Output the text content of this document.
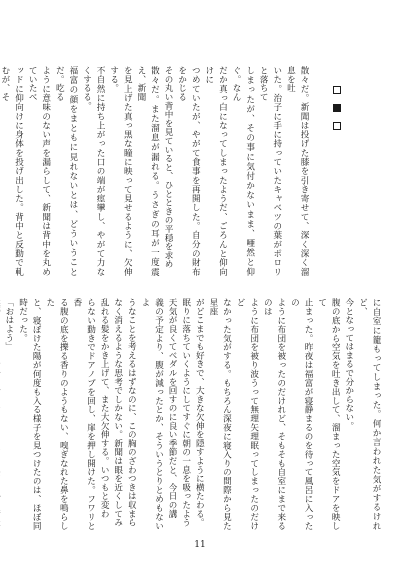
散々だ。新聞は投げた膝を引き寄せて、深く深く溜息を吐
いた。治子に手に持っていたキャベツの葉がポロリと落ちて
しまったが、その事に気付かないまま、唖然と仰ぐ。なん
だか真っ白になってしまったようだ、ごろんと仰向けに
つめていたが、やがて食事を再開した。自分の財布をかじる
その丸い背中を見ていると、ひとときの平穏を求め
散々だ。また溜息が漏れる。うさぎの耳が一度震え、新聞
を見上げた真っ黒な瞳に映って見せるように、欠伸する。
不自然に持ち上がった口の端が痙攣し、やがて力なくするる。
福富の顔をまともに見れないとは、どういうことだ。吃る
ように意味のない声を漏らして、新聞は背中を丸めていたべ
ッドに仰向けに身体を投げ出した。背中と反動で軋むが、そ
に自室に籠もってしまった。何か言われた気がするけれど、
今となってはまるで分からない。
腹の底から空気を吐き出して、溜まった空気をドアを映して
止まった。昨夜は福富が寝静まるのを待って風呂に入ったの
ように布団を被ったのだけれど、そもそも自室にまで来るのは
ように布団を被り波うって無理矢理眠ってしまったのだけど
なかった気がする。もちろん深夜に寝入りの間際から見た星座
がどこまでも好きで、大きな欠伸を隠すように横たわる。
眠りに落ちていくようにしてすぐに朝の一息を吸ったよう
天気が良くてベダルを回すのに良い季節だと、今日の講
義の予定より、腹が減ったとか、そういうとりとめもないよ
うなことを考えるはずなのに、この胸のざわつきは収まら
なく消えるような思考でしかない。新聞は眼を近くしてみ
乱れる髪をかき上げて、また大欠伸する。いつもと変わ
らない動きでドアノブを回し、扉を押し開けた。フワリと香
る腹の底を擽る香りのようもない、嗅ぎなれた鼻を鳴らした
と、寝ぼけた陽が何度も入る様子を見つけたのは、ほぼ同時だった。
「おはよう」
11
